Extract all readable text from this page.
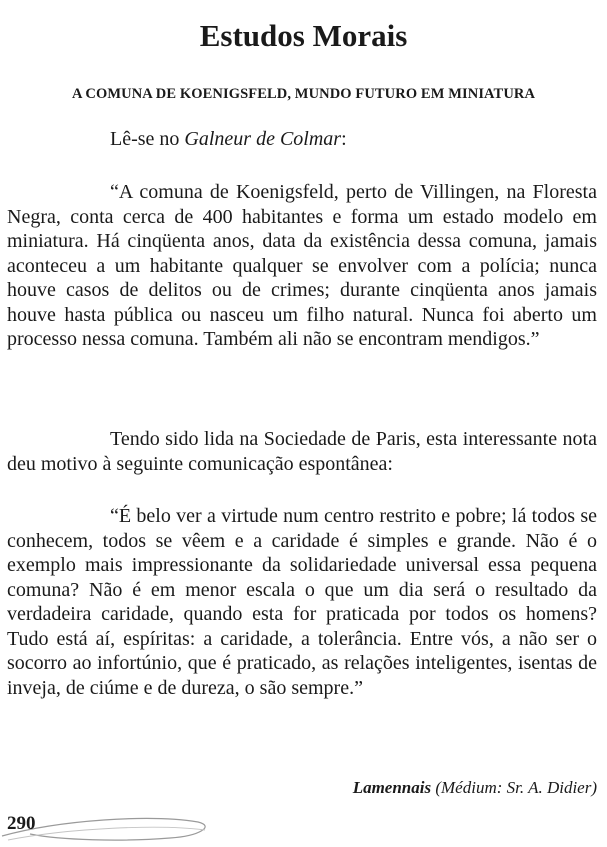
Estudos Morais
A COMUNA DE KOENIGSFELD, MUNDO FUTURO EM MINIATURA

Lê-se no Galneur de Colmar:

“A comuna de Koenigsfeld, perto de Villingen, na Floresta Negra, conta cerca de 400 habitantes e forma um estado modelo em miniatura. Há cinqüenta anos, data da existência dessa comuna, jamais aconteceu a um habitante qualquer se envolver com a polícia; nunca houve casos de delitos ou de crimes; durante cinqüenta anos jamais houve hasta pública ou nasceu um filho natural. Nunca foi aberto um processo nessa comuna. Também ali não se encontram mendigos.”

Tendo sido lida na Sociedade de Paris, esta interessante nota deu motivo à seguinte comunicação espontânea:

“É belo ver a virtude num centro restrito e pobre; lá todos se conhecem, todos se vêem e a caridade é simples e grande. Não é o exemplo mais impressionante da solidariedade universal essa pequena comuna? Não é em menor escala o que um dia será o resultado da verdadeira caridade, quando esta for praticada por todos os homens? Tudo está aí, espíritas: a caridade, a tolerância. Entre vós, a não ser o socorro ao infortúnio, que é praticado, as relações inteligentes, isentas de inveja, de ciúme e de dureza, o são sempre.”

Lamennais (Médium: Sr. A. Didier)

290
